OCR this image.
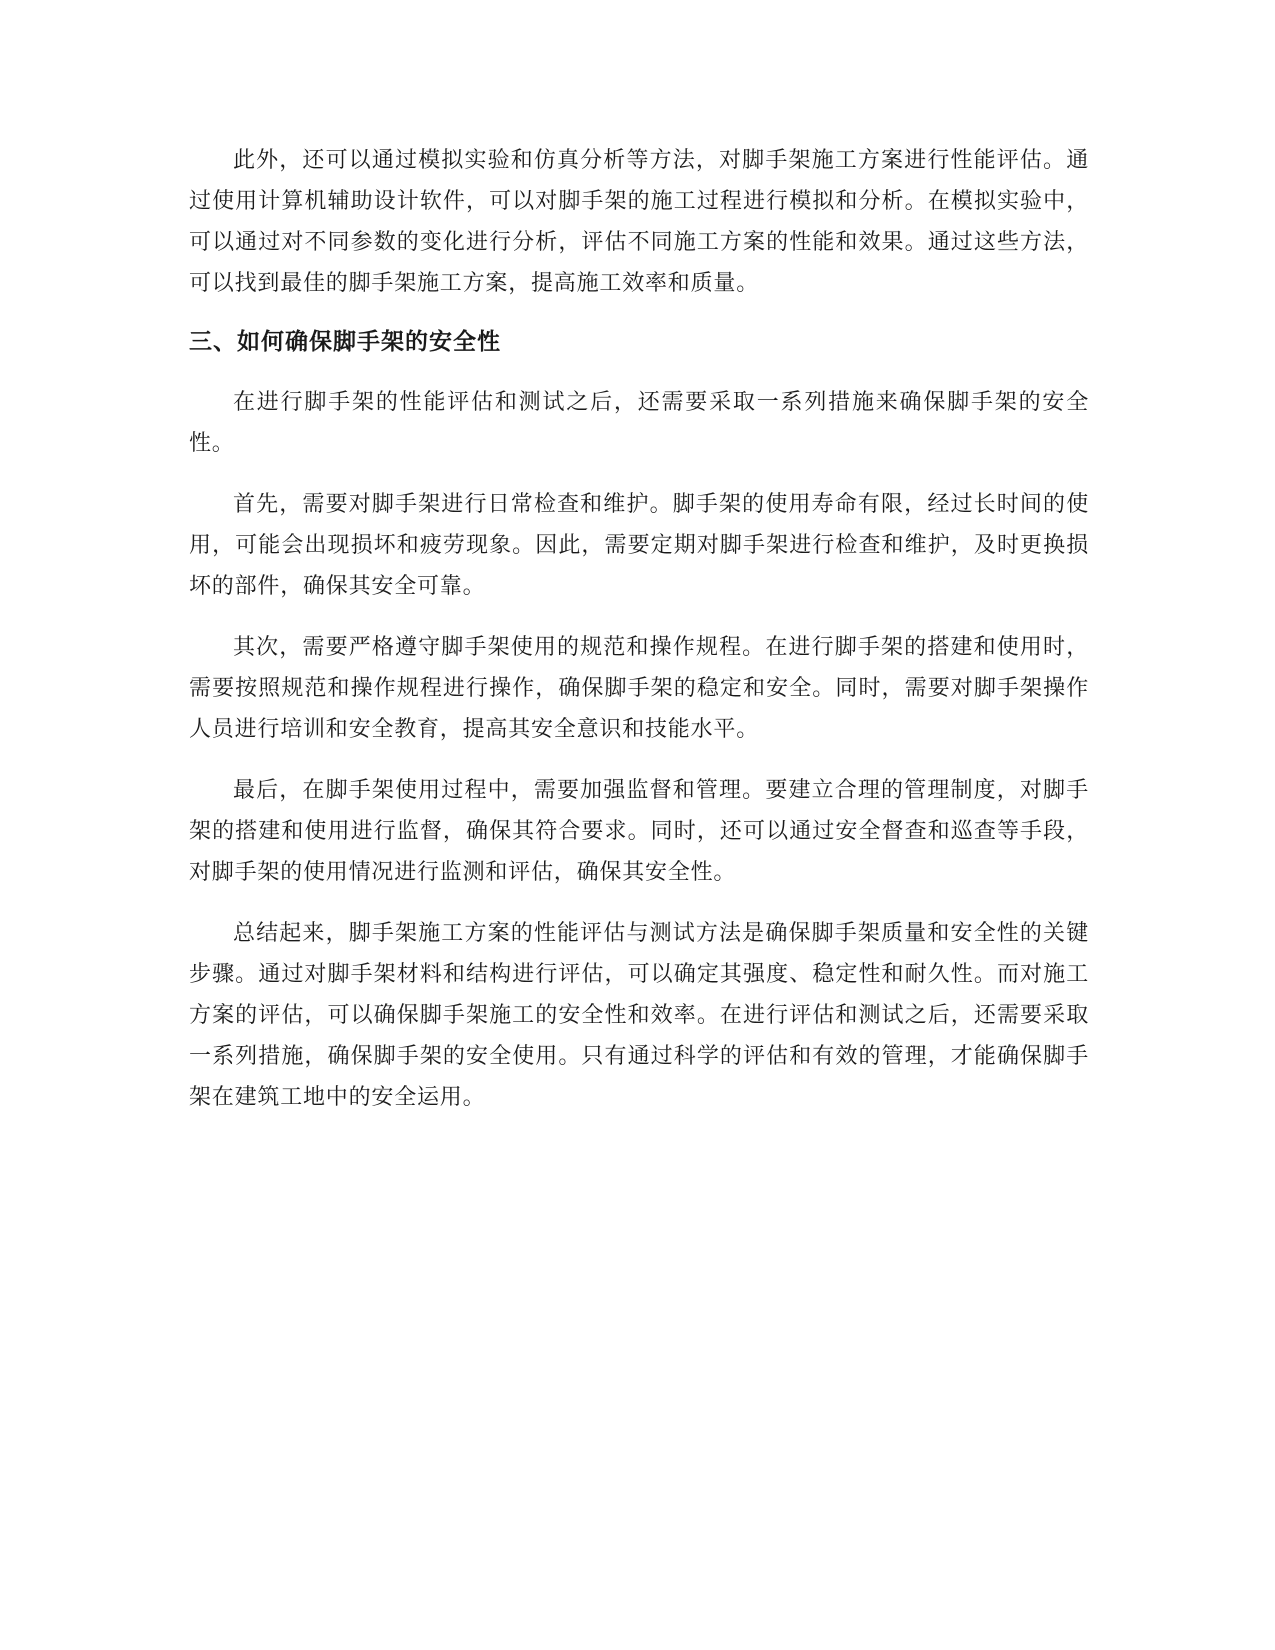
此外，还可以通过模拟实验和仿真分析等方法，对脚手架施工方案进行性能评估。通过使用计算机辅助设计软件，可以对脚手架的施工过程进行模拟和分析。在模拟实验中，可以通过对不同参数的变化进行分析，评估不同施工方案的性能和效果。通过这些方法，可以找到最佳的脚手架施工方案，提高施工效率和质量。

三、如何确保脚手架的安全性

在进行脚手架的性能评估和测试之后，还需要采取一系列措施来确保脚手架的安全性。

首先，需要对脚手架进行日常检查和维护。脚手架的使用寿命有限，经过长时间的使用，可能会出现损坏和疲劳现象。因此，需要定期对脚手架进行检查和维护，及时更换损坏的部件，确保其安全可靠。

其次，需要严格遵守脚手架使用的规范和操作规程。在进行脚手架的搭建和使用时，需要按照规范和操作规程进行操作，确保脚手架的稳定和安全。同时，需要对脚手架操作人员进行培训和安全教育，提高其安全意识和技能水平。

最后，在脚手架使用过程中，需要加强监督和管理。要建立合理的管理制度，对脚手架的搭建和使用进行监督，确保其符合要求。同时，还可以通过安全督查和巡查等手段，对脚手架的使用情况进行监测和评估，确保其安全性。

总结起来，脚手架施工方案的性能评估与测试方法是确保脚手架质量和安全性的关键步骤。通过对脚手架材料和结构进行评估，可以确定其强度、稳定性和耐久性。而对施工方案的评估，可以确保脚手架施工的安全性和效率。在进行评估和测试之后，还需要采取一系列措施，确保脚手架的安全使用。只有通过科学的评估和有效的管理，才能确保脚手架在建筑工地中的安全运用。
